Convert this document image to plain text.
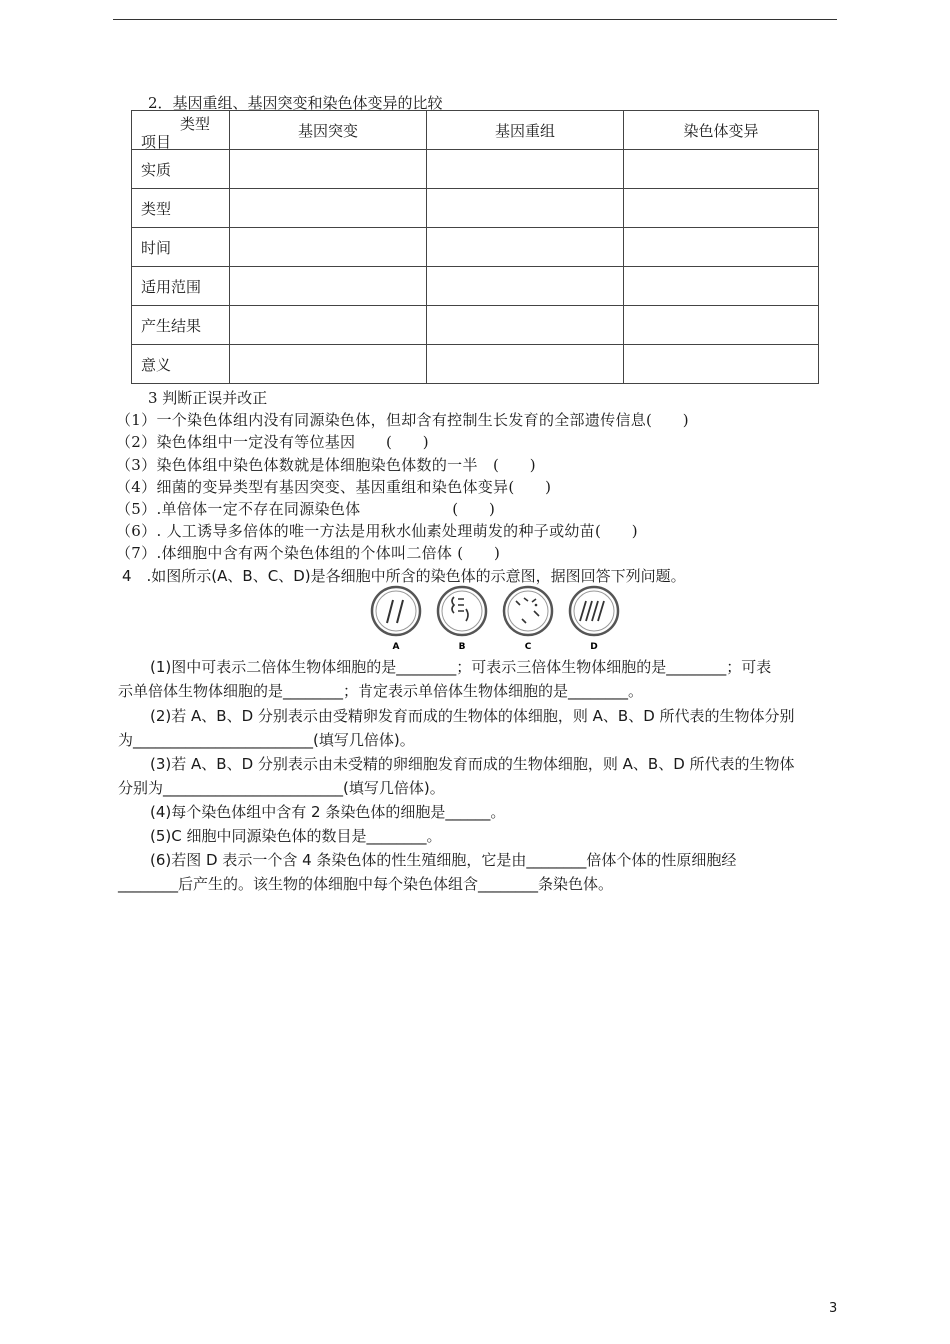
2．基因重组、基因突变和染色体变异的比较
类型
项目	基因突变	基因重组	染色体变异
实质			
类型			
时间			
适用范围			
产生结果			
意义			
3 判断正误并改正
（1）一个染色体组内没有同源染色体，但却含有控制生长发育的全部遗传信息(　　)
（2）染色体组中一定没有等位基因　　(　　)
（3）染色体组中染色体数就是体细胞染色体数的一半　(　　)
（4）细菌的变异类型有基因突变、基因重组和染色体变异(　　)
（5）.单倍体一定不存在同源染色体　　　　　　(　　)
（6）. 人工诱导多倍体的唯一方法是用秋水仙素处理萌发的种子或幼苗(　　)
（7）.体细胞中含有两个染色体组的个体叫二倍体 (　　)
4　.如图所示(A、B、C、D)是各细胞中所含的染色体的示意图，据图回答下列问题。
A	B	C	D
(1)图中可表示二倍体生物体细胞的是________；可表示三倍体生物体细胞的是________；可表
示单倍体生物体细胞的是________；肯定表示单倍体生物体细胞的是________。
(2)若 A、B、D 分别表示由受精卵发育而成的生物体的体细胞，则 A、B、D 所代表的生物体分别
为________________________(填写几倍体)。
(3)若 A、B、D 分别表示由未受精的卵细胞发育而成的生物体细胞，则 A、B、D 所代表的生物体
分别为________________________(填写几倍体)。
(4)每个染色体组中含有 2 条染色体的细胞是______。
(5)C 细胞中同源染色体的数目是________。
(6)若图 D 表示一个含 4 条染色体的性生殖细胞，它是由________倍体个体的性原细胞经
________后产生的。该生物的体细胞中每个染色体组含________条染色体。
3
